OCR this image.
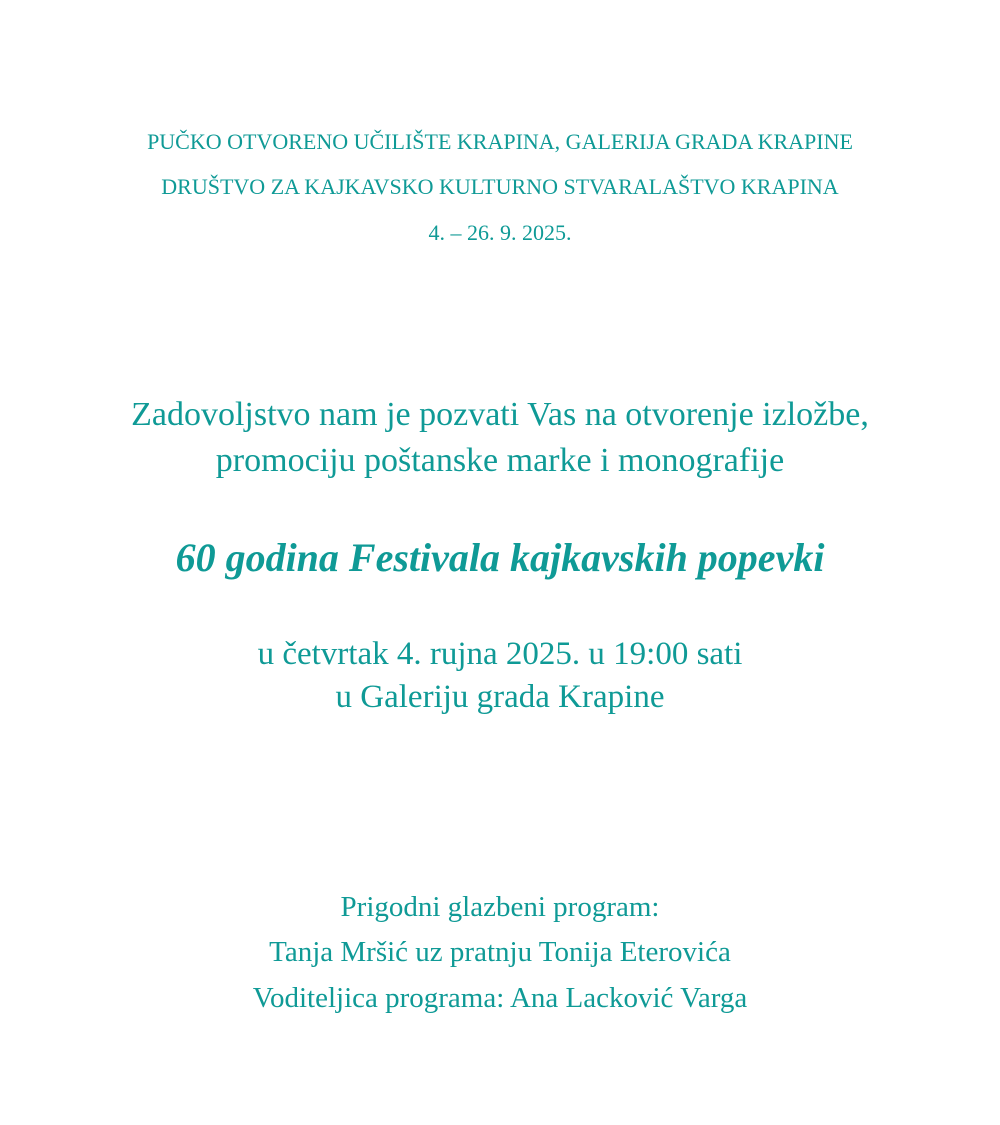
PUČKO OTVORENO UČILIŠTE KRAPINA, GALERIJA GRADA KRAPINE
DRUŠTVO ZA KAJKAVSKO KULTURNO STVARALAŠTVO KRAPINA
4. – 26. 9. 2025.
Zadovoljstvo nam je pozvati Vas na otvorenje izložbe,
promociju poštanske marke i monografije
60 godina Festivala kajkavskih popevki
u četvrtak 4. rujna 2025. u 19:00 sati
u Galeriju grada Krapine
Prigodni glazbeni program:
Tanja Mršić uz pratnju Tonija Eterovića
Voditeljica programa: Ana Lacković Varga
